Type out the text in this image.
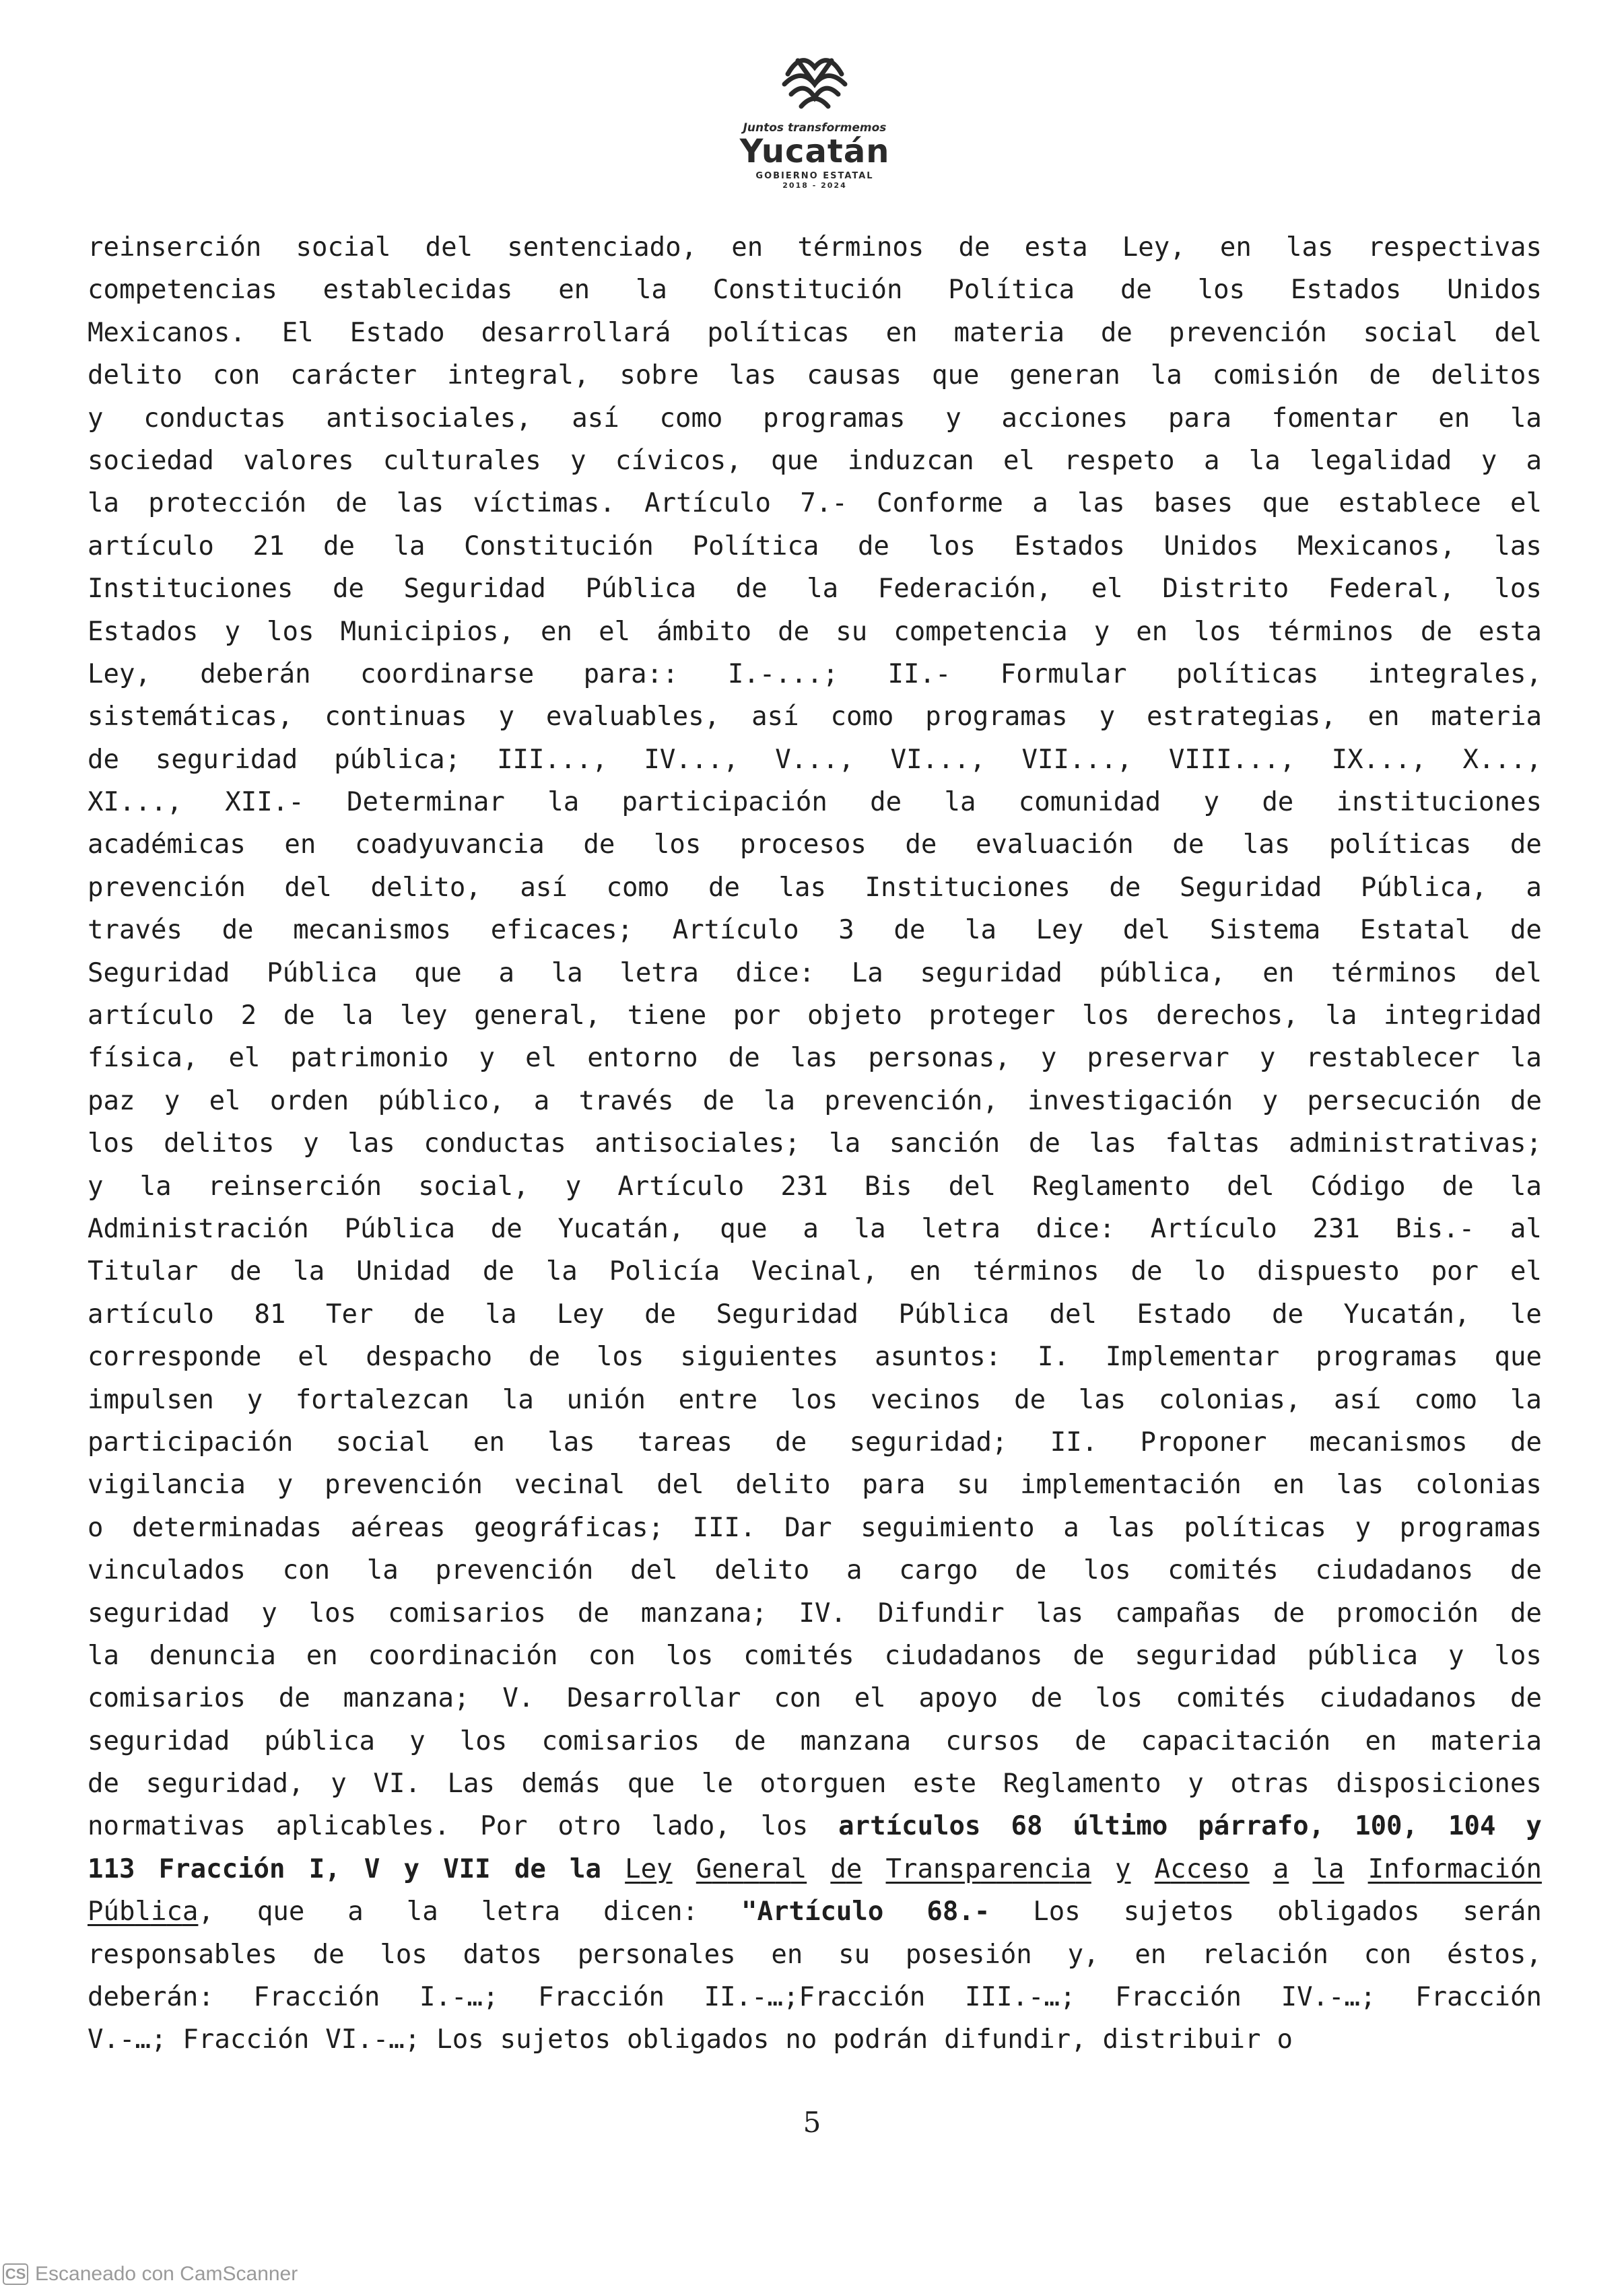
Juntos transformemos
Yucatán
GOBIERNO ESTATAL
2018 - 2024
reinserción social del sentenciado, en términos de esta Ley, en las respectivas
competencias establecidas en la Constitución Política de los Estados Unidos
Mexicanos. El Estado desarrollará políticas en materia de prevención social del
delito con carácter integral, sobre las causas que generan la comisión de delitos
y conductas antisociales, así como programas y acciones para fomentar en la
sociedad valores culturales y cívicos, que induzcan el respeto a la legalidad y a
la protección de las víctimas. Artículo 7.- Conforme a las bases que establece el
artículo 21 de la Constitución Política de los Estados Unidos Mexicanos, las
Instituciones de Seguridad Pública de la Federación, el Distrito Federal, los
Estados y los Municipios, en el ámbito de su competencia y en los términos de esta
Ley, deberán coordinarse para:: I.-...; II.- Formular políticas integrales,
sistemáticas, continuas y evaluables, así como programas y estrategias, en materia
de seguridad pública; III..., IV..., V..., VI..., VII..., VIII..., IX..., X...,
XI..., XII.- Determinar la participación de la comunidad y de instituciones
académicas en coadyuvancia de los procesos de evaluación de las políticas de
prevención del delito, así como de las Instituciones de Seguridad Pública, a
través de mecanismos eficaces; Artículo 3 de la Ley del Sistema Estatal de
Seguridad Pública que a la letra dice: La seguridad pública, en términos del
artículo 2 de la ley general, tiene por objeto proteger los derechos, la integridad
física, el patrimonio y el entorno de las personas, y preservar y restablecer la
paz y el orden público, a través de la prevención, investigación y persecución de
los delitos y las conductas antisociales; la sanción de las faltas administrativas;
y la reinserción social, y Artículo 231 Bis del Reglamento del Código de la
Administración Pública de Yucatán, que a la letra dice: Artículo 231 Bis.- al
Titular de la Unidad de la Policía Vecinal, en términos de lo dispuesto por el
artículo 81 Ter de la Ley de Seguridad Pública del Estado de Yucatán, le
corresponde el despacho de los siguientes asuntos: I. Implementar programas que
impulsen y fortalezcan la unión entre los vecinos de las colonias, así como la
participación social en las tareas de seguridad; II. Proponer mecanismos de
vigilancia y prevención vecinal del delito para su implementación en las colonias
o determinadas aéreas geográficas; III. Dar seguimiento a las políticas y programas
vinculados con la prevención del delito a cargo de los comités ciudadanos de
seguridad y los comisarios de manzana; IV. Difundir las campañas de promoción de
la denuncia en coordinación con los comités ciudadanos de seguridad pública y los
comisarios de manzana; V. Desarrollar con el apoyo de los comités ciudadanos de
seguridad pública y los comisarios de manzana cursos de capacitación en materia
de seguridad, y VI. Las demás que le otorguen este Reglamento y otras disposiciones
normativas aplicables. Por otro lado, los artículos 68 último párrafo, 100, 104 y
113 Fracción I, V y VII de la Ley General de Transparencia y Acceso a la Información
Pública, que a la letra dicen: "Artículo 68.- Los sujetos obligados serán
responsables de los datos personales en su posesión y, en relación con éstos,
deberán: Fracción I.-…; Fracción II.-…;Fracción III.-…; Fracción IV.-…; Fracción
V.-…; Fracción VI.-…; Los sujetos obligados no podrán difundir, distribuir o
5
CS Escaneado con CamScanner
